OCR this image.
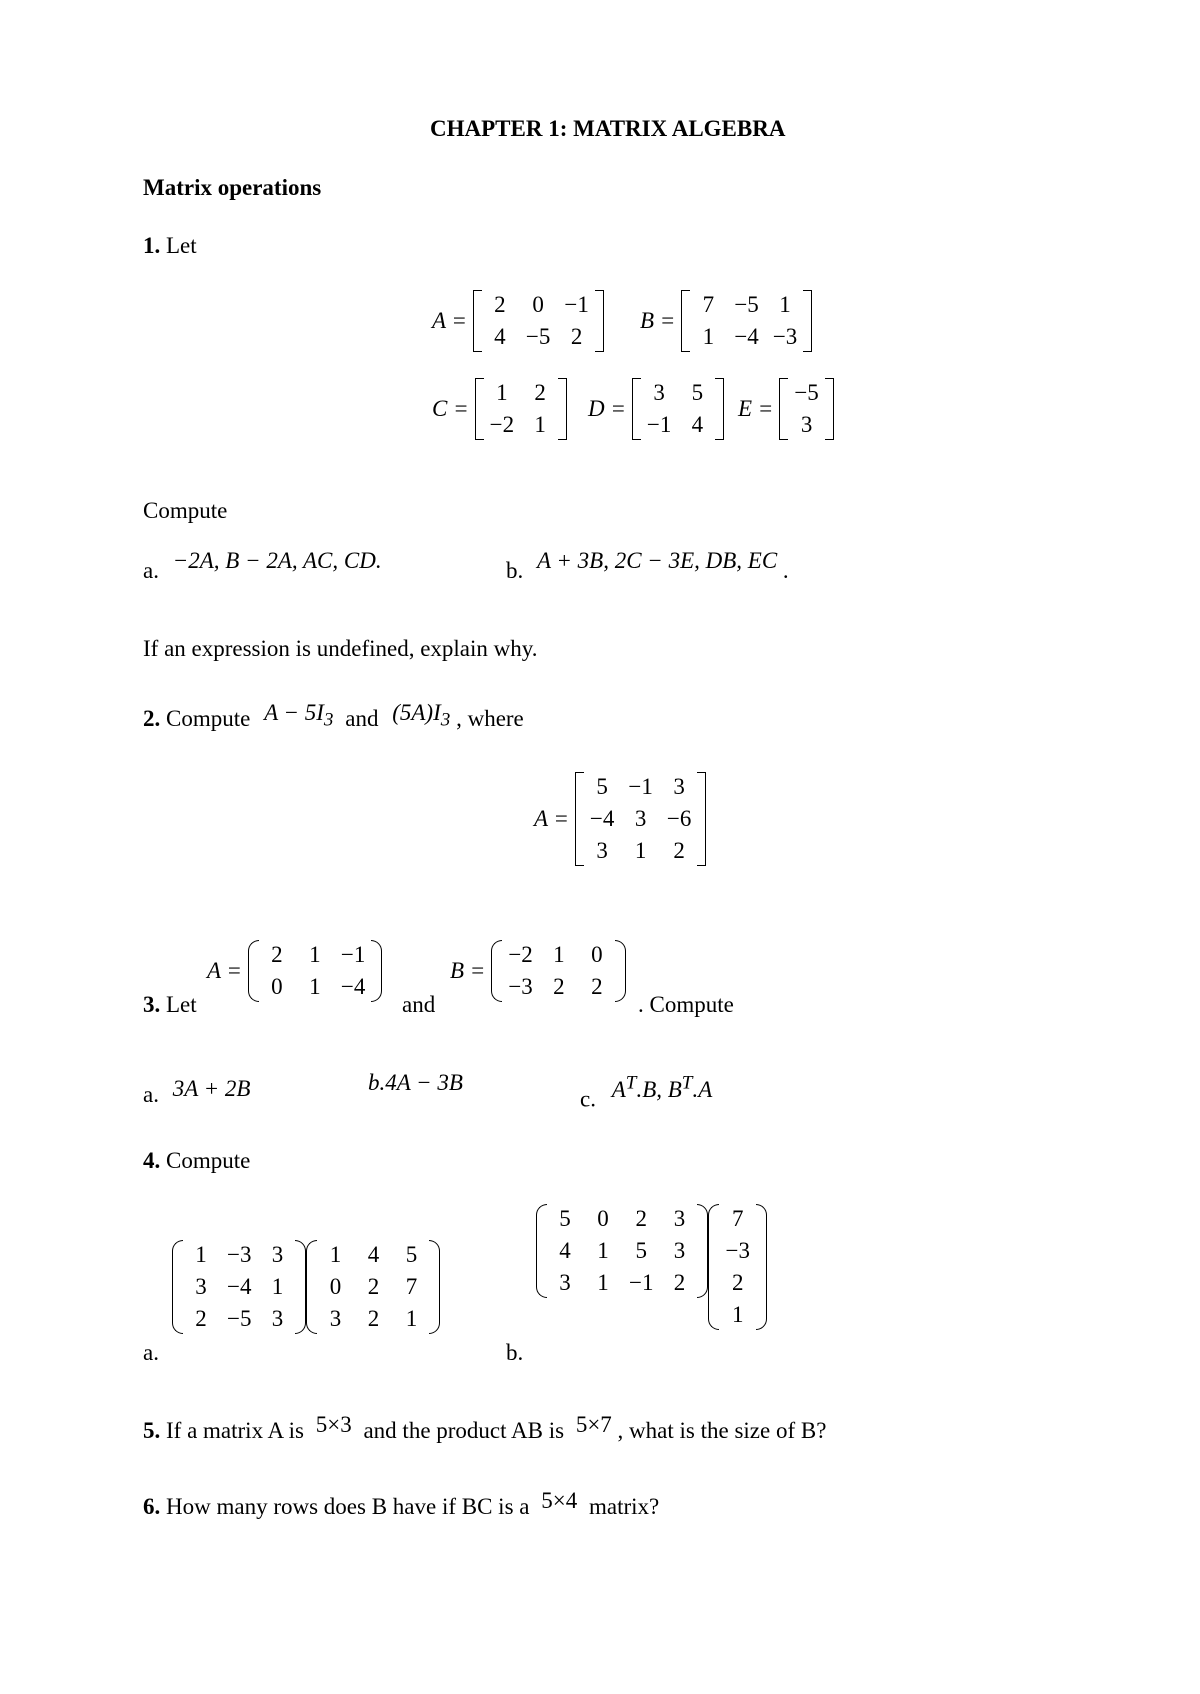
CHAPTER 1: MATRIX ALGEBRA
Matrix operations
1. Let
A =
2 0 −1
4 −5 2
B =
7 −5 1
1 −4 −3
C =
1 2
−2 1
D =
3 5
−1 4
E =
−5
3
Compute
a. −2A, B − 2A, AC, CD.	b. A + 3B, 2C − 3E, DB, EC .
If an expression is undefined, explain why.
2. Compute $A - 5I_3$ and $(5A)I_3$ , where
A =
5 −1 3
−4 3 −6
3 1 2
A =
2 1 −1
0 1 −4
B =
−2 1 0
−3 2 2
3. Let	and	. Compute
a. 3A + 2B	b.4A − 3B
c. $A^T.B$, $B^T.A$
4. Compute
a.
1 −3 3
3 −4 1
2 −5 3
1 4 5
0 2 7
3 2 1
b.
5 0 2 3
4 1 5 3
3 1 −1 2
7
−3
2
1
5. If a matrix A is 5×3 and the product AB is 5×7 , what is the size of B?
6. How many rows does B have if BC is a 5×4 matrix?
